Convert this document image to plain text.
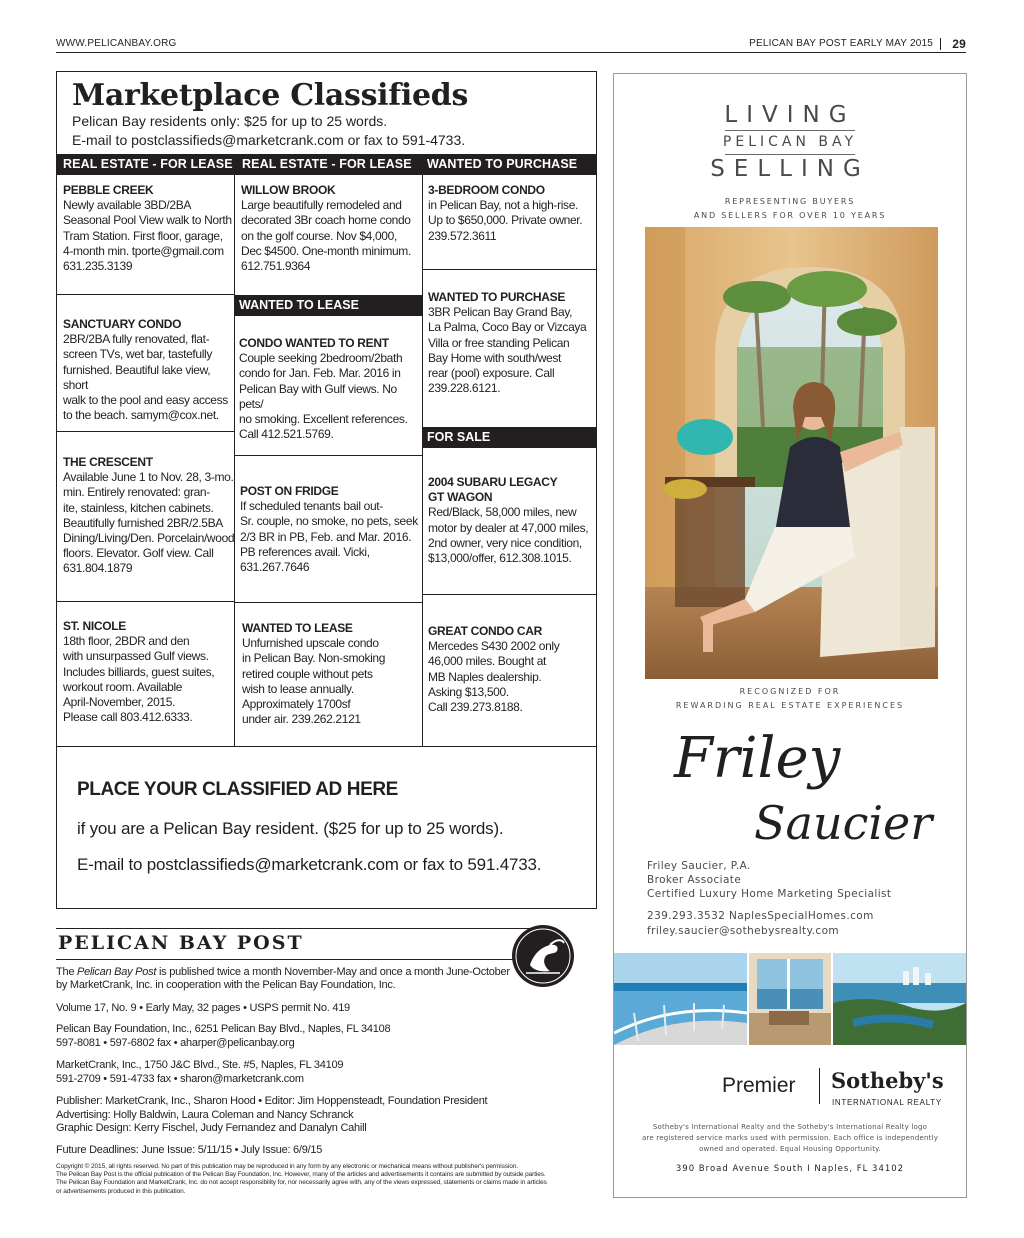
WWW.PELICANBAY.ORG	PELICAN BAY POST EARLY MAY 2015 29
Marketplace Classifieds
Pelican Bay residents only: $25 for up to 25 words.
E-mail to postclassifieds@marketcrank.com or fax to 591-4733.
REAL ESTATE - FOR LEASE REAL ESTATE - FOR LEASE WANTED TO PURCHASE
WANTED TO LEASE
FOR SALE
PEBBLE CREEK
Newly available 3BD/2BA
Seasonal Pool View walk to North
Tram Station. First floor, garage,
4-month min. tporte@gmail.com
631.235.3139
SANCTUARY CONDO
2BR/2BA fully renovated, flat-
screen TVs, wet bar, tastefully
furnished. Beautiful lake view, short
walk to the pool and easy access
to the beach. samym@cox.net.
THE CRESCENT
Available June 1 to Nov. 28, 3-mo.
min. Entirely renovated: gran-
ite, stainless, kitchen cabinets.
Beautifully furnished 2BR/2.5BA
Dining/Living/Den. Porcelain/wood
floors. Elevator. Golf view. Call
631.804.1879
ST. NICOLE
18th floor, 2BDR and den
with unsurpassed Gulf views.
Includes billiards, guest suites,
workout room. Available
April-November, 2015.
Please call 803.412.6333.
WILLOW BROOK
Large beautifully remodeled and
decorated 3Br coach home condo
on the golf course. Nov $4,000,
Dec $4500. One-month minimum.
612.751.9364
CONDO WANTED TO RENT
Couple seeking 2bedroom/2bath
condo for Jan. Feb. Mar. 2016 in
Pelican Bay with Gulf views. No pets/
no smoking. Excellent references.
Call 412.521.5769.
POST ON FRIDGE
If scheduled tenants bail out-
Sr. couple, no smoke, no pets, seek
2/3 BR in PB, Feb. and Mar. 2016.
PB references avail. Vicki,
631.267.7646
WANTED TO LEASE
Unfurnished upscale condo
in Pelican Bay. Non-smoking
retired couple without pets
wish to lease annually.
Approximately 1700sf
under air. 239.262.2121
3-BEDROOM CONDO
in Pelican Bay, not a high-rise.
Up to $650,000. Private owner.
239.572.3611
WANTED TO PURCHASE
3BR Pelican Bay Grand Bay,
La Palma, Coco Bay or Vizcaya
Villa or free standing Pelican
Bay Home with south/west
rear (pool) exposure. Call
239.228.6121.
2004 SUBARU LEGACY
GT WAGON
Red/Black, 58,000 miles, new
motor by dealer at 47,000 miles,
2nd owner, very nice condition,
$13,000/offer, 612.308.1015.
GREAT CONDO CAR
Mercedes S430 2002 only
46,000 miles. Bought at
MB Naples dealership.
Asking $13,500.
Call 239.273.8188.
PLACE YOUR CLASSIFIED AD HERE
if you are a Pelican Bay resident. ($25 for up to 25 words).
E-mail to postclassifieds@marketcrank.com or fax to 591.4733.
PELICAN BAY POST
The Pelican Bay Post is published twice a month November-May and once a month June-October
by MarketCrank, Inc. in cooperation with the Pelican Bay Foundation, Inc.
Volume 17, No. 9 • Early May, 32 pages • USPS permit No. 419
Pelican Bay Foundation, Inc., 6251 Pelican Bay Blvd., Naples, FL 34108
597-8081 • 597-6802 fax • aharper@pelicanbay.org
MarketCrank, Inc., 1750 J&C Blvd., Ste. #5, Naples, FL 34109
591-2709 • 591-4733 fax • sharon@marketcrank.com
Publisher: MarketCrank, Inc., Sharon Hood • Editor: Jim Hoppensteadt, Foundation President
Advertising: Holly Baldwin, Laura Coleman and Nancy Schranck
Graphic Design: Kerry Fischel, Judy Fernandez and Danalyn Cahill
Future Deadlines: June Issue: 5/11/15 • July Issue: 6/9/15
Copyright © 2015, all rights reserved. No part of this publication may be reproduced in any form by any electronic or mechanical means without publisher's permission.
The Pelican Bay Post is the official publication of the Pelican Bay Foundation, Inc. However, many of the articles and advertisements it contains are submitted by outside parties.
The Pelican Bay Foundation and MarketCrank, Inc. do not accept responsibility for, nor necessarily agree with, any of the views expressed, statements or claims made in articles
or advertisements produced in this publication.
LIVING
PELICAN BAY
SELLING
REPRESENTING BUYERS
AND SELLERS FOR OVER 10 YEARS
RECOGNIZED FOR
REWARDING REAL ESTATE EXPERIENCES
Friley
Saucier
Friley Saucier, P.A.
Broker Associate
Certified Luxury Home Marketing Specialist
239.293.3532 NaplesSpecialHomes.com
friley.saucier@sothebysrealty.com
Premier Sotheby's
INTERNATIONAL REALTY
Sotheby's International Realty and the Sotheby's International Realty logo
are registered service marks used with permission. Each office is independently
owned and operated. Equal Housing Opportunity.
390 Broad Avenue South I Naples, FL 34102
